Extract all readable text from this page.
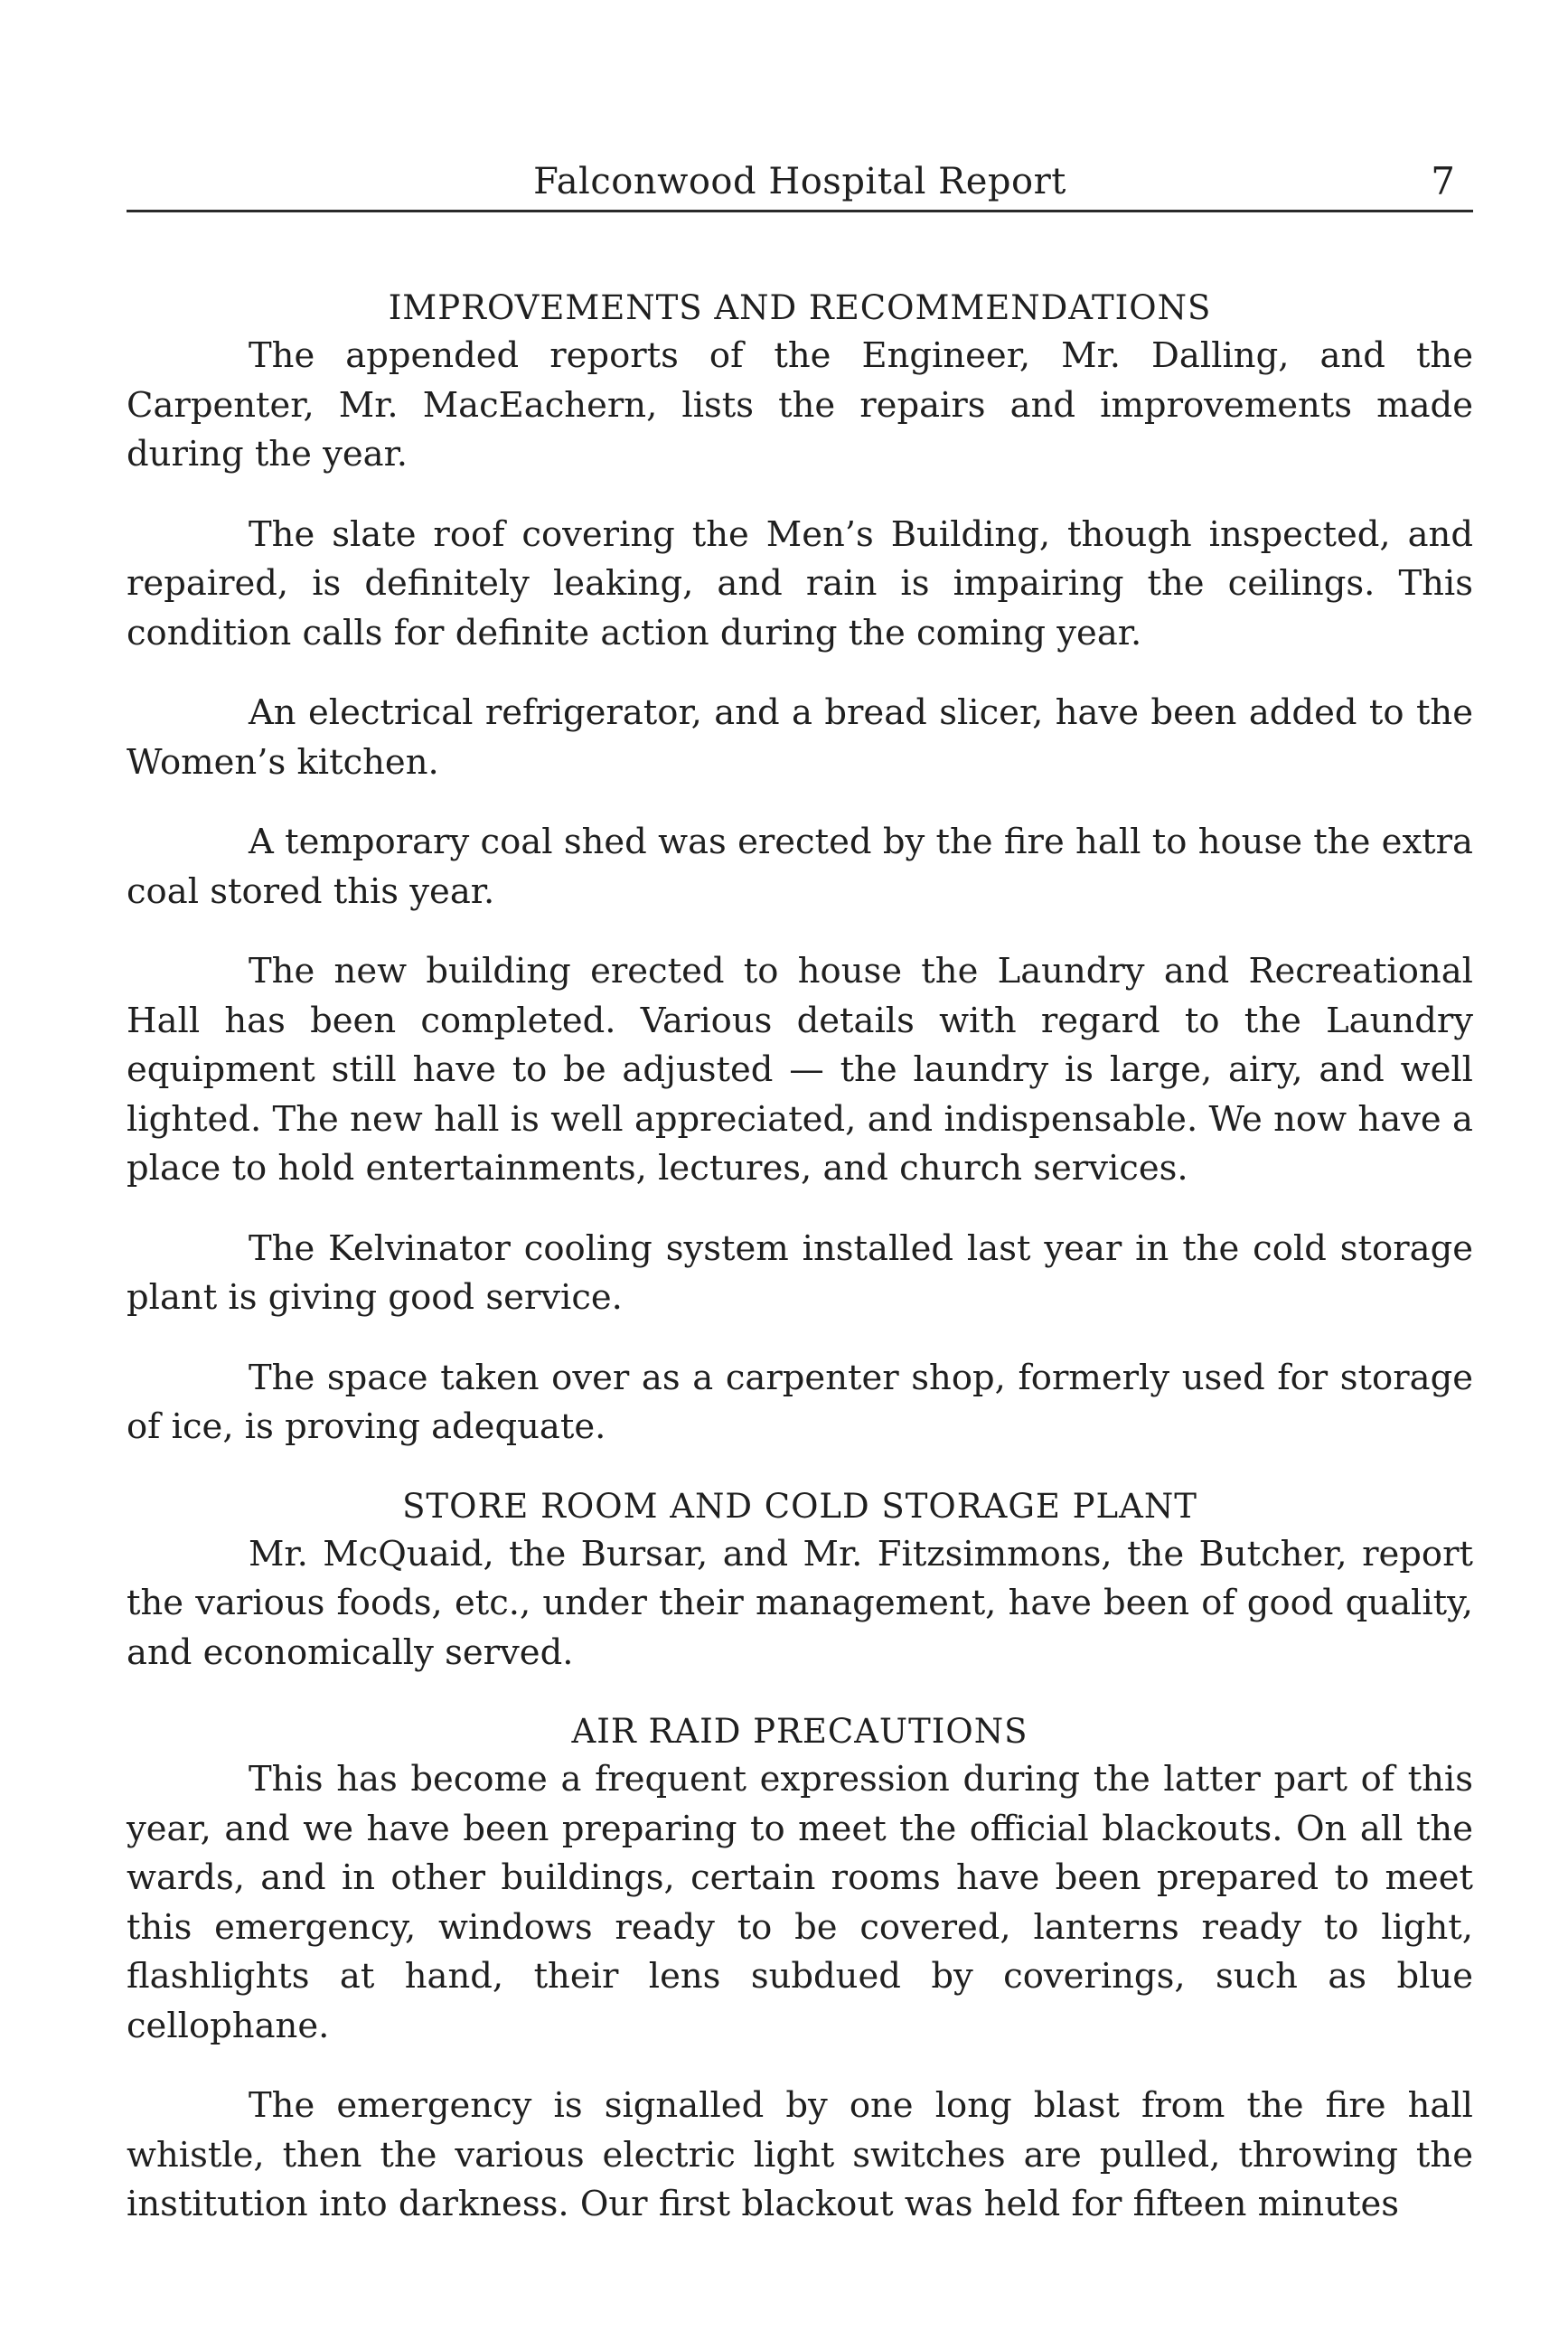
Falconwood Hospital Report	7
IMPROVEMENTS AND RECOMMENDATIONS

The appended reports of the Engineer, Mr. Dalling, and the Carpenter, Mr. MacEachern, lists the repairs and improvements made during the year.

The slate roof covering the Men’s Building, though inspected, and repaired, is definitely leaking, and rain is impairing the ceilings. This condition calls for definite action during the coming year.

An electrical refrigerator, and a bread slicer, have been added to the Women’s kitchen.

A temporary coal shed was erected by the fire hall to house the extra coal stored this year.

The new building erected to house the Laundry and Recreational Hall has been completed. Various details with regard to the Laundry equipment still have to be adjusted — the laundry is large, airy, and well lighted. The new hall is well appreciated, and indispensable. We now have a place to hold entertainments, lectures, and church services.

The Kelvinator cooling system installed last year in the cold storage plant is giving good service.

The space taken over as a carpenter shop, formerly used for storage of ice, is proving adequate.

STORE ROOM AND COLD STORAGE PLANT

Mr. McQuaid, the Bursar, and Mr. Fitzsimmons, the Butcher, report the various foods, etc., under their management, have been of good quality, and economically served.

AIR RAID PRECAUTIONS

This has become a frequent expression during the latter part of this year, and we have been preparing to meet the official blackouts. On all the wards, and in other buildings, certain rooms have been prepared to meet this emergency, windows ready to be covered, lanterns ready to light, flashlights at hand, their lens subdued by coverings, such as blue cellophane.

The emergency is signalled by one long blast from the fire hall whistle, then the various electric light switches are pulled, throwing the institution into darkness. Our first blackout was held for fifteen minutes
